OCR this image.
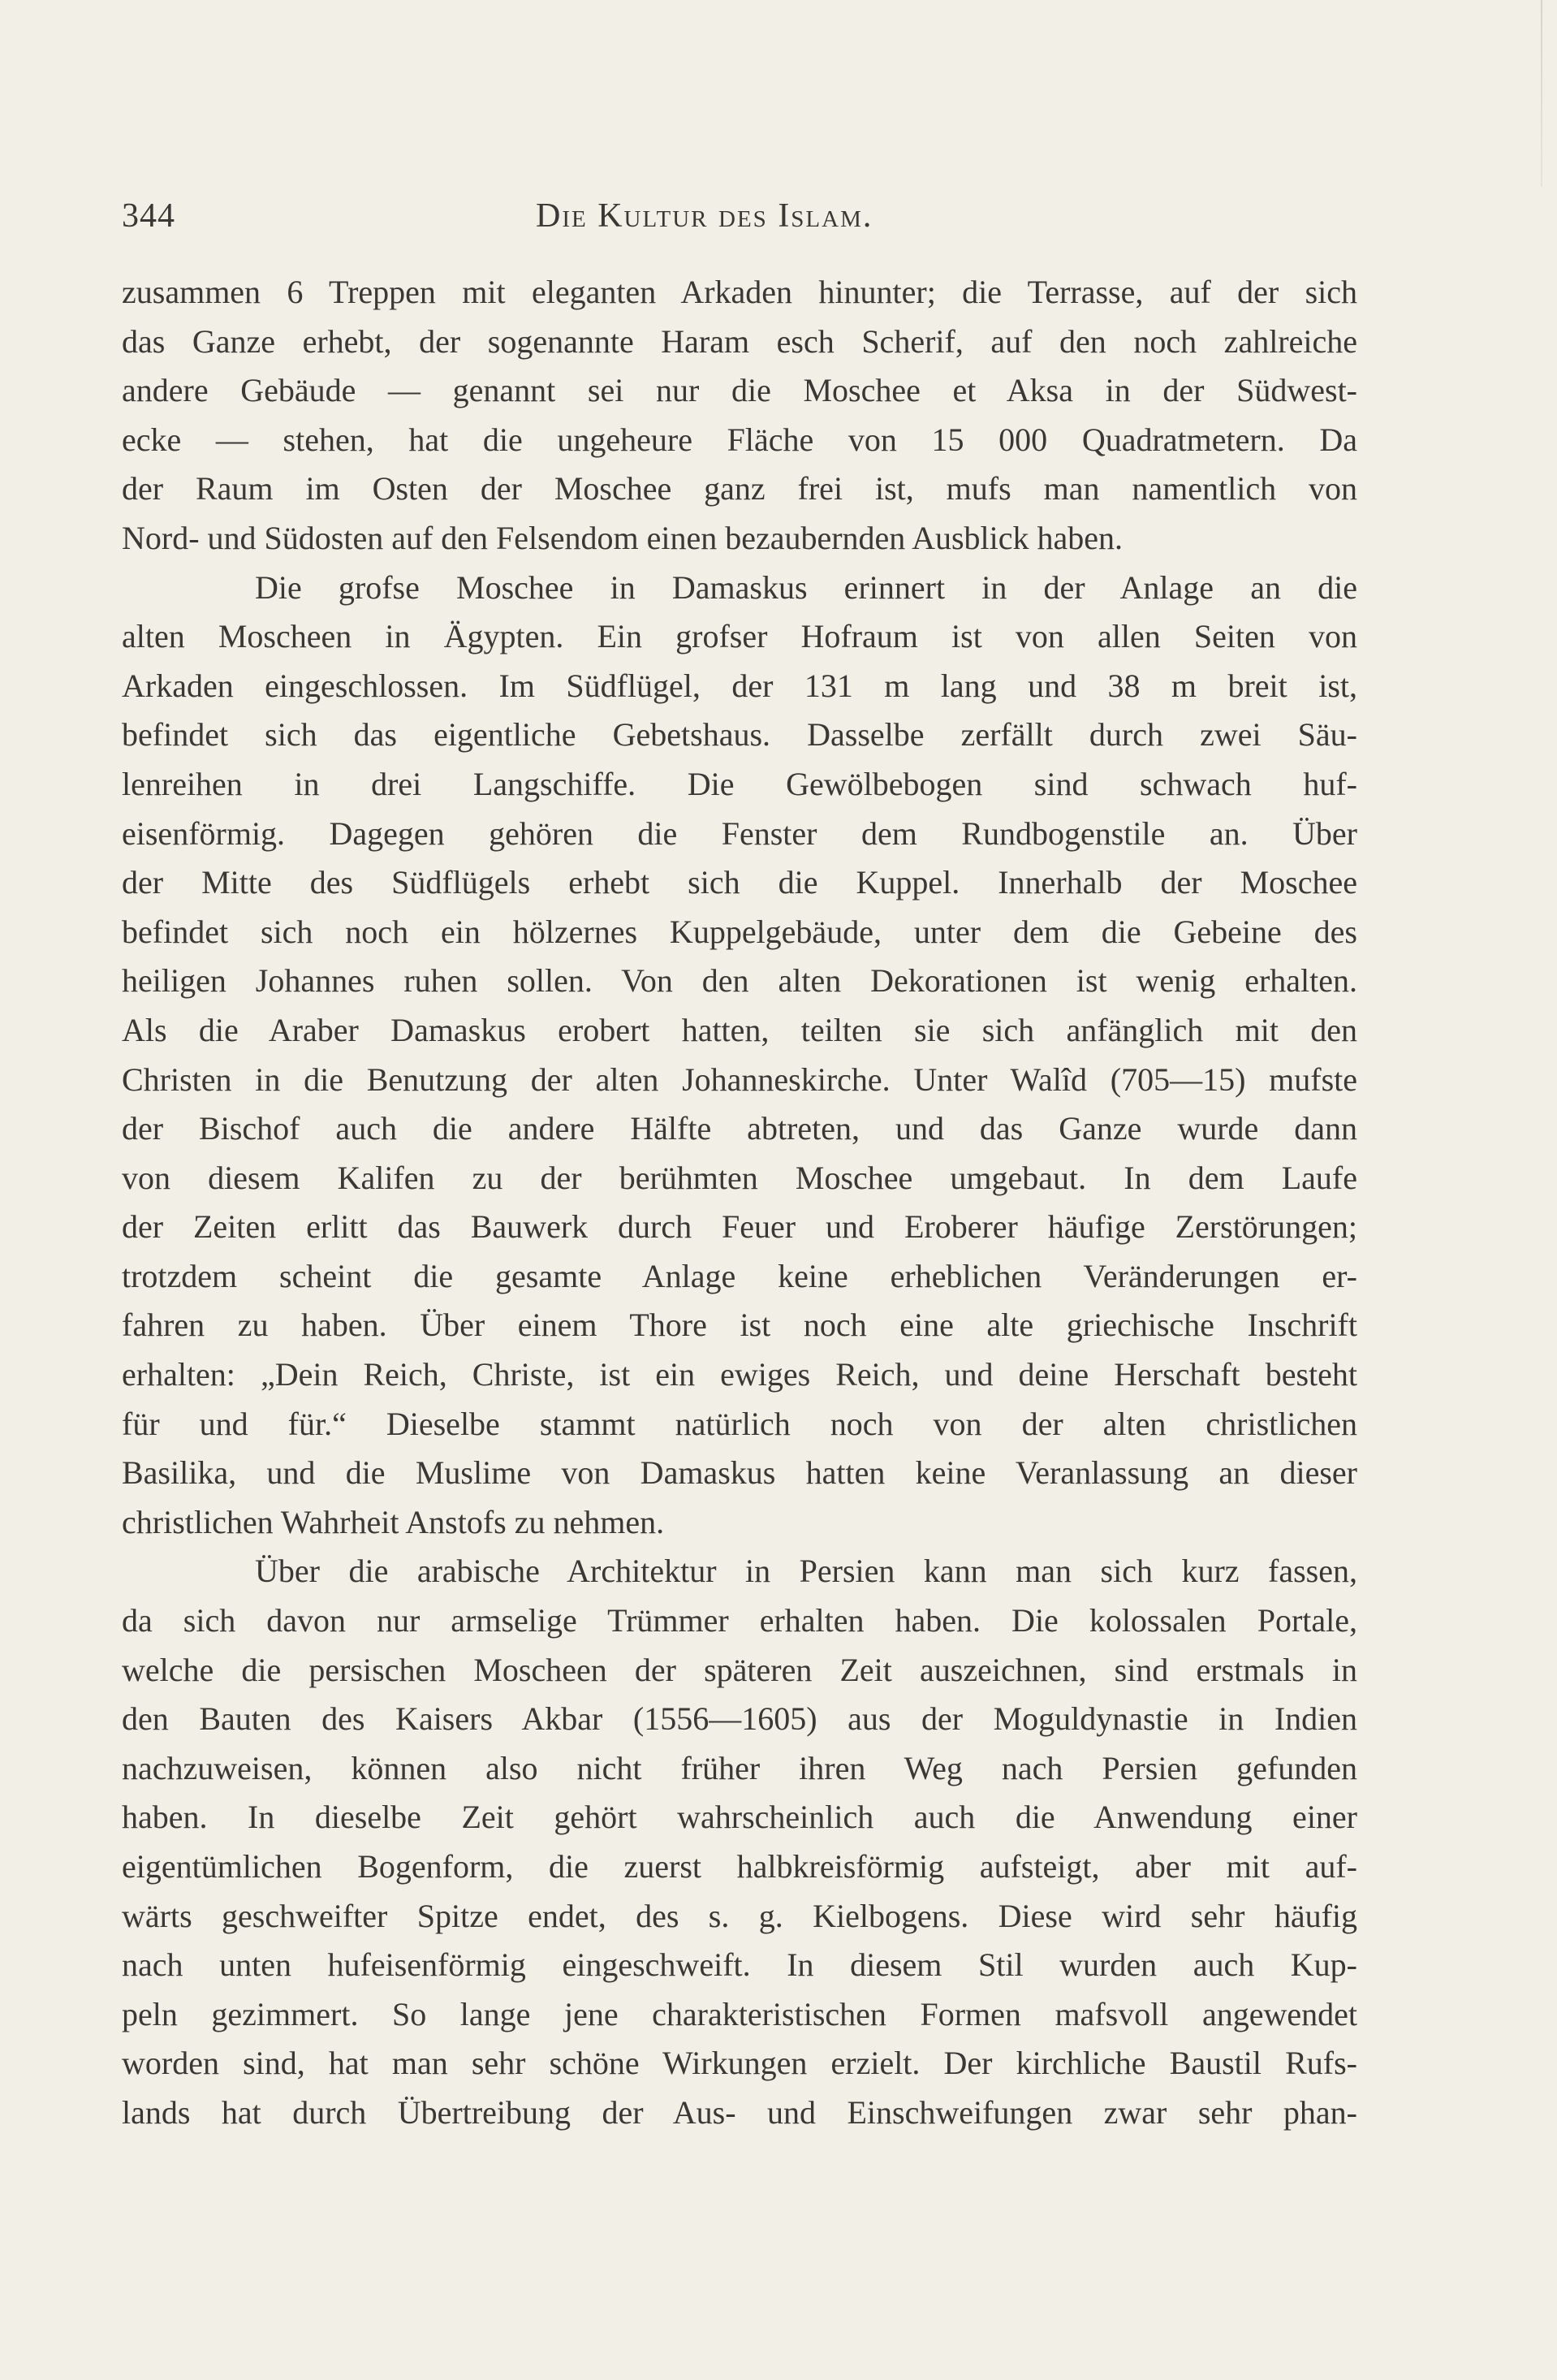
344	Die Kultur des Islam.
zusammen 6 Treppen mit eleganten Arkaden hinunter; die Terrasse, auf der sich
das Ganze erhebt, der sogenannte Haram esch Scherif, auf den noch zahlreiche
andere Gebäude — genannt sei nur die Moschee et Aksa in der Südwest-
ecke — stehen, hat die ungeheure Fläche von 15 000 Quadratmetern. Da
der Raum im Osten der Moschee ganz frei ist, mufs man namentlich von
Nord- und Südosten auf den Felsendom einen bezaubernden Ausblick haben.
Die grofse Moschee in Damaskus erinnert in der Anlage an die
alten Moscheen in Ägypten. Ein grofser Hofraum ist von allen Seiten von
Arkaden eingeschlossen. Im Südflügel, der 131 m lang und 38 m breit ist,
befindet sich das eigentliche Gebetshaus. Dasselbe zerfällt durch zwei Säu-
lenreihen in drei Langschiffe. Die Gewölbebogen sind schwach huf-
eisenförmig. Dagegen gehören die Fenster dem Rundbogenstile an. Über
der Mitte des Südflügels erhebt sich die Kuppel. Innerhalb der Moschee
befindet sich noch ein hölzernes Kuppelgebäude, unter dem die Gebeine des
heiligen Johannes ruhen sollen. Von den alten Dekorationen ist wenig erhalten.
Als die Araber Damaskus erobert hatten, teilten sie sich anfänglich mit den
Christen in die Benutzung der alten Johanneskirche. Unter Walîd (705—15) mufste
der Bischof auch die andere Hälfte abtreten, und das Ganze wurde dann
von diesem Kalifen zu der berühmten Moschee umgebaut. In dem Laufe
der Zeiten erlitt das Bauwerk durch Feuer und Eroberer häufige Zerstörungen;
trotzdem scheint die gesamte Anlage keine erheblichen Veränderungen er-
fahren zu haben. Über einem Thore ist noch eine alte griechische Inschrift
erhalten: „Dein Reich, Christe, ist ein ewiges Reich, und deine Herschaft besteht
für und für.“ Dieselbe stammt natürlich noch von der alten christlichen
Basilika, und die Muslime von Damaskus hatten keine Veranlassung an dieser
christlichen Wahrheit Anstofs zu nehmen.
Über die arabische Architektur in Persien kann man sich kurz fassen,
da sich davon nur armselige Trümmer erhalten haben. Die kolossalen Portale,
welche die persischen Moscheen der späteren Zeit auszeichnen, sind erstmals in
den Bauten des Kaisers Akbar (1556—1605) aus der Moguldynastie in Indien
nachzuweisen, können also nicht früher ihren Weg nach Persien gefunden
haben. In dieselbe Zeit gehört wahrscheinlich auch die Anwendung einer
eigentümlichen Bogenform, die zuerst halbkreisförmig aufsteigt, aber mit auf-
wärts geschweifter Spitze endet, des s. g. Kielbogens. Diese wird sehr häufig
nach unten hufeisenförmig eingeschweift. In diesem Stil wurden auch Kup-
peln gezimmert. So lange jene charakteristischen Formen mafsvoll angewendet
worden sind, hat man sehr schöne Wirkungen erzielt. Der kirchliche Baustil Rufs-
lands hat durch Übertreibung der Aus- und Einschweifungen zwar sehr phan-
